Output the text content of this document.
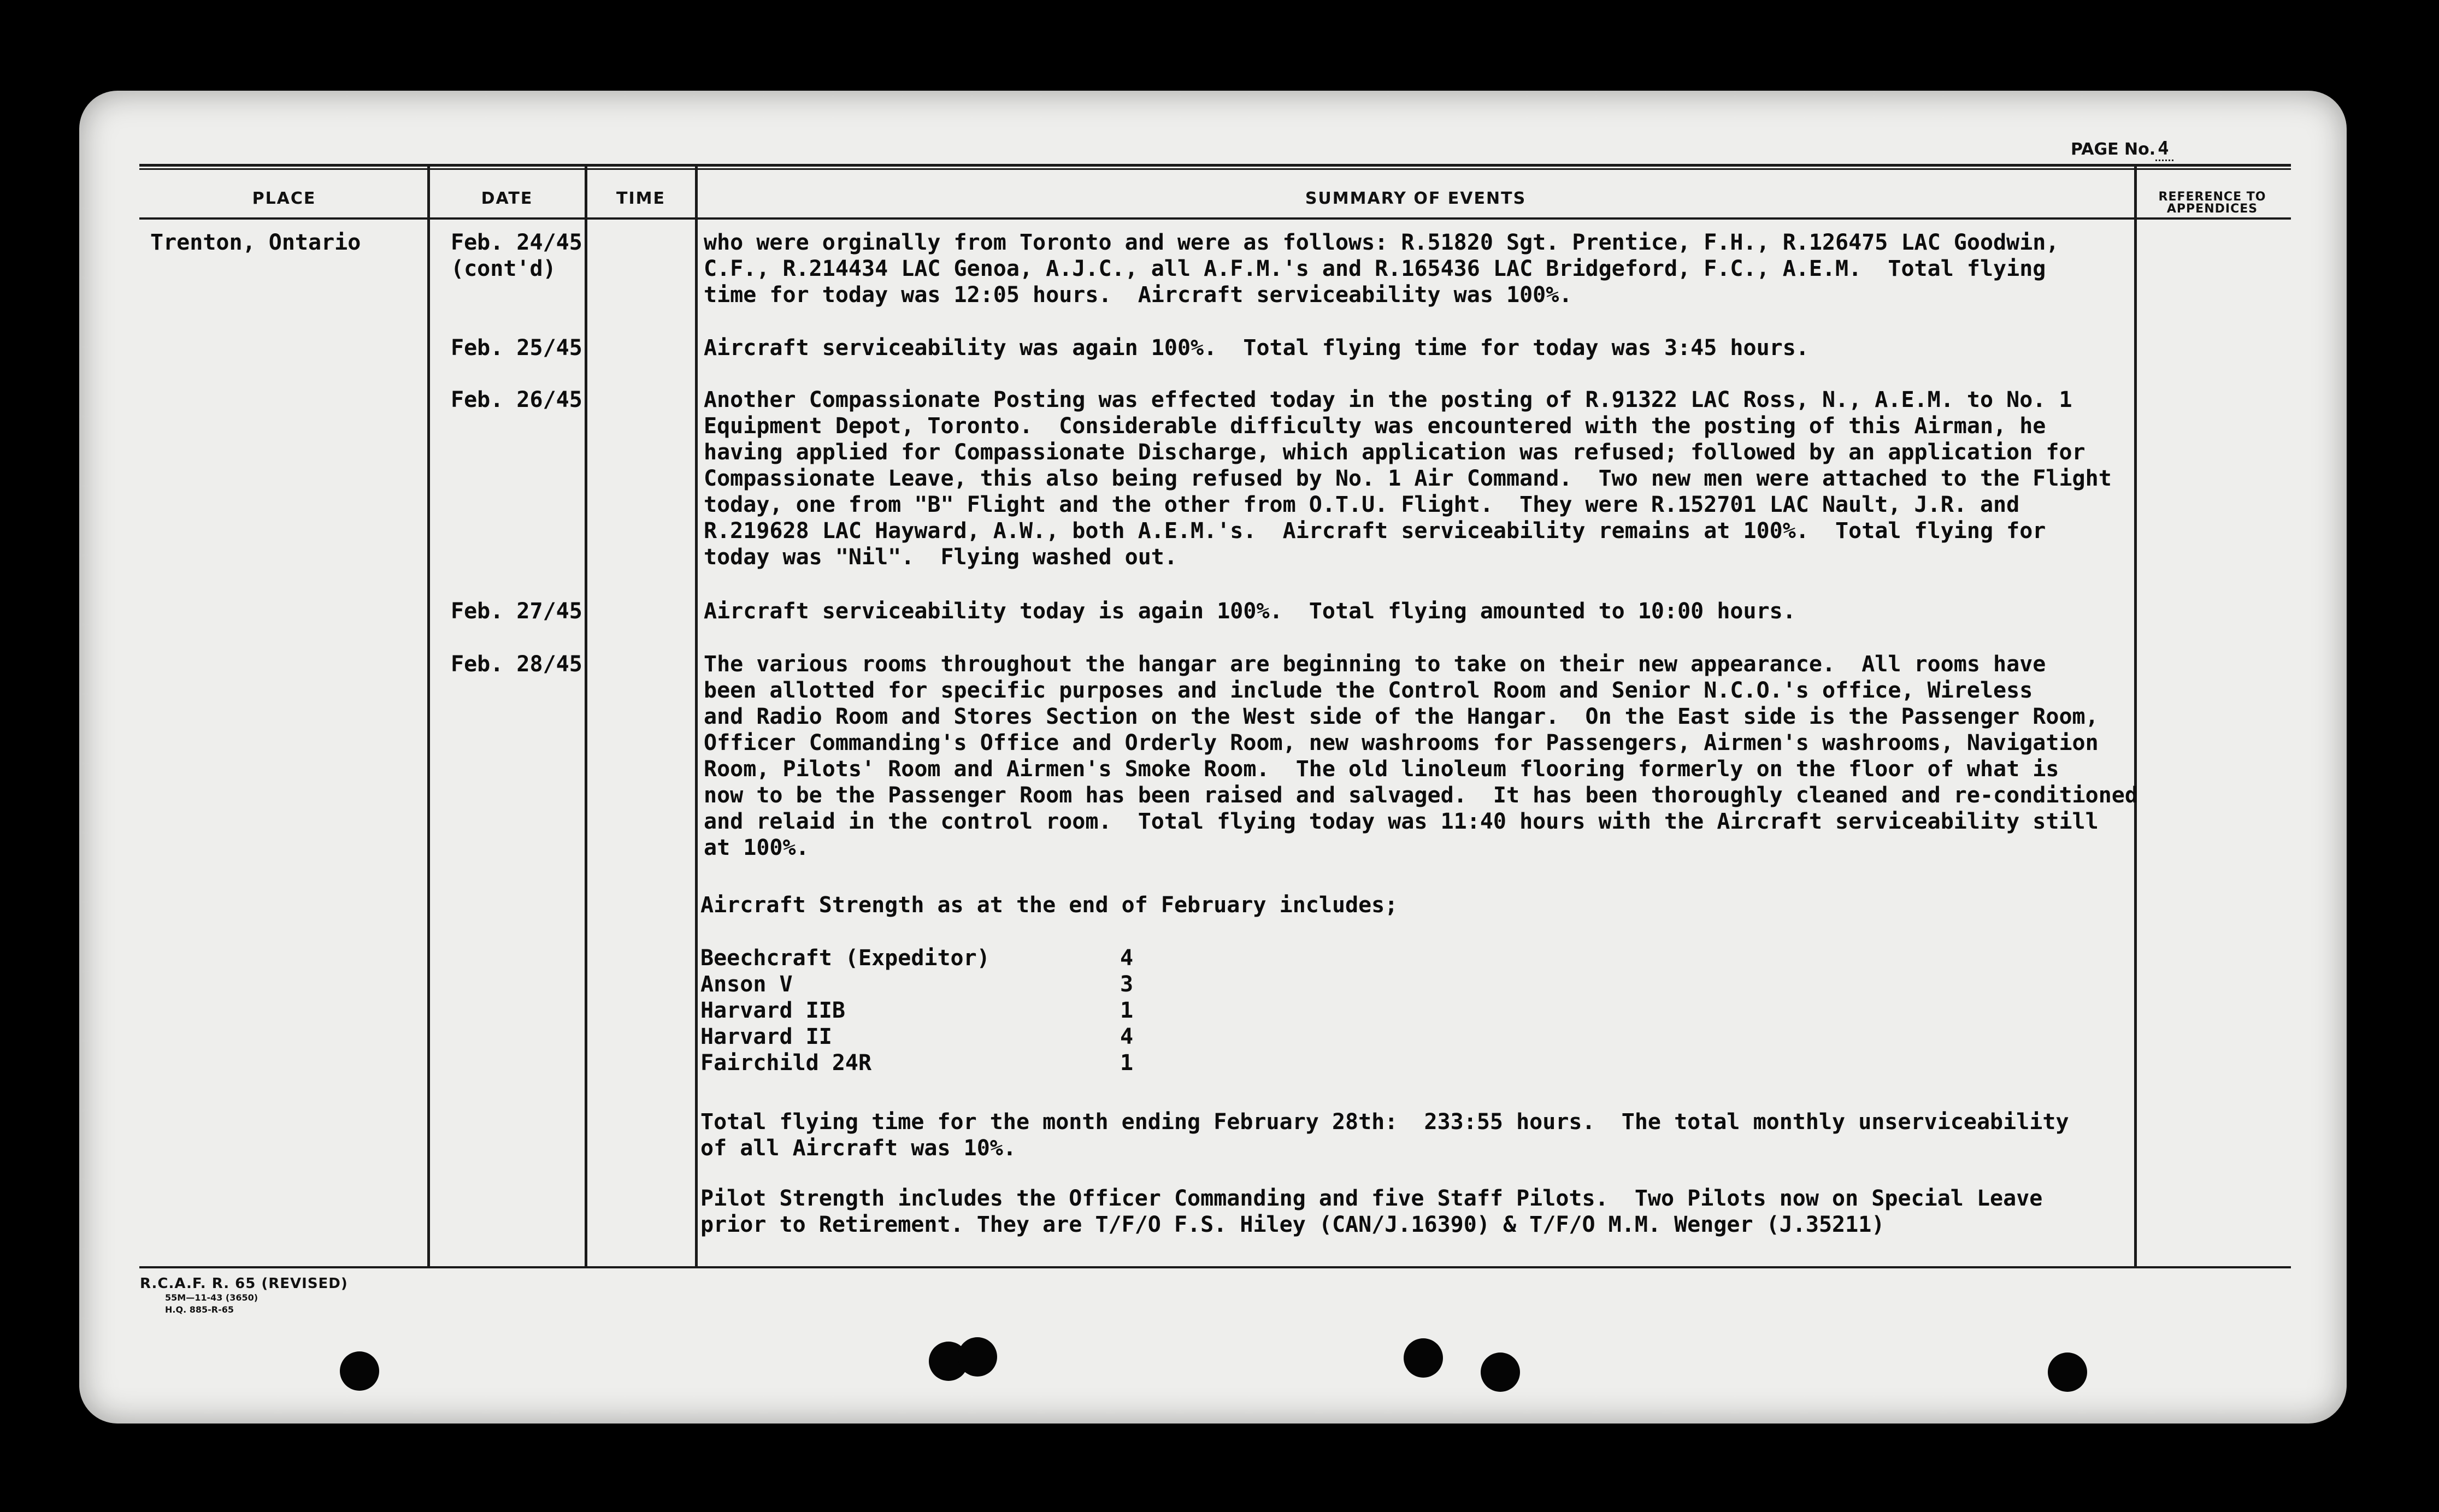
PAGE No. 4
PLACE	DATE	TIME	SUMMARY OF EVENTS	REFERENCE TO APPENDICES
Trenton, Ontario	Feb. 24/45
(cont'd)
who were orginally from Toronto and were as follows: R.51820 Sgt. Prentice, F.H., R.126475 LAC Goodwin,
C.F., R.214434 LAC Genoa, A.J.C., all A.F.M.'s and R.165436 LAC Bridgeford, F.C., A.E.M.  Total flying
time for today was 12:05 hours.  Aircraft serviceability was 100%.
Feb. 25/45	Aircraft serviceability was again 100%.  Total flying time for today was 3:45 hours.
Feb. 26/45	Another Compassionate Posting was effected today in the posting of R.91322 LAC Ross, N., A.E.M. to No. 1
Equipment Depot, Toronto.  Considerable difficulty was encountered with the posting of this Airman, he
having applied for Compassionate Discharge, which application was refused; followed by an application for
Compassionate Leave, this also being refused by No. 1 Air Command.  Two new men were attached to the Flight
today, one from "B" Flight and the other from O.T.U. Flight.  They were R.152701 LAC Nault, J.R. and
R.219628 LAC Hayward, A.W., both A.E.M.'s.  Aircraft serviceability remains at 100%.  Total flying for
today was "Nil".  Flying washed out.
Feb. 27/45	Aircraft serviceability today is again 100%.  Total flying amounted to 10:00 hours.
Feb. 28/45	The various rooms throughout the hangar are beginning to take on their new appearance.  All rooms have
been allotted for specific purposes and include the Control Room and Senior N.C.O.'s office, Wireless
and Radio Room and Stores Section on the West side of the Hangar.  On the East side is the Passenger Room,
Officer Commanding's Office and Orderly Room, new washrooms for Passengers, Airmen's washrooms, Navigation
Room, Pilots' Room and Airmen's Smoke Room.  The old linoleum flooring formerly on the floor of what is
now to be the Passenger Room has been raised and salvaged.  It has been thoroughly cleaned and re-conditioned
and relaid in the control room.  Total flying today was 11:40 hours with the Aircraft serviceability still
at 100%.
Aircraft Strength as at the end of February includes;
Beechcraft (Expeditor)	4
Anson V	3
Harvard IIB	1
Harvard II	4
Fairchild 24R	1
Total flying time for the month ending February 28th:  233:55 hours.  The total monthly unserviceability
of all Aircraft was 10%.
Pilot Strength includes the Officer Commanding and five Staff Pilots.  Two Pilots now on Special Leave
prior to Retirement. They are T/F/O F.S. Hiley (CAN/J.16390) & T/F/O M.M. Wenger (J.35211)
R.C.A.F. R. 65 (REVISED)
55M—11-43 (3650)
H.Q. 885-R-65
